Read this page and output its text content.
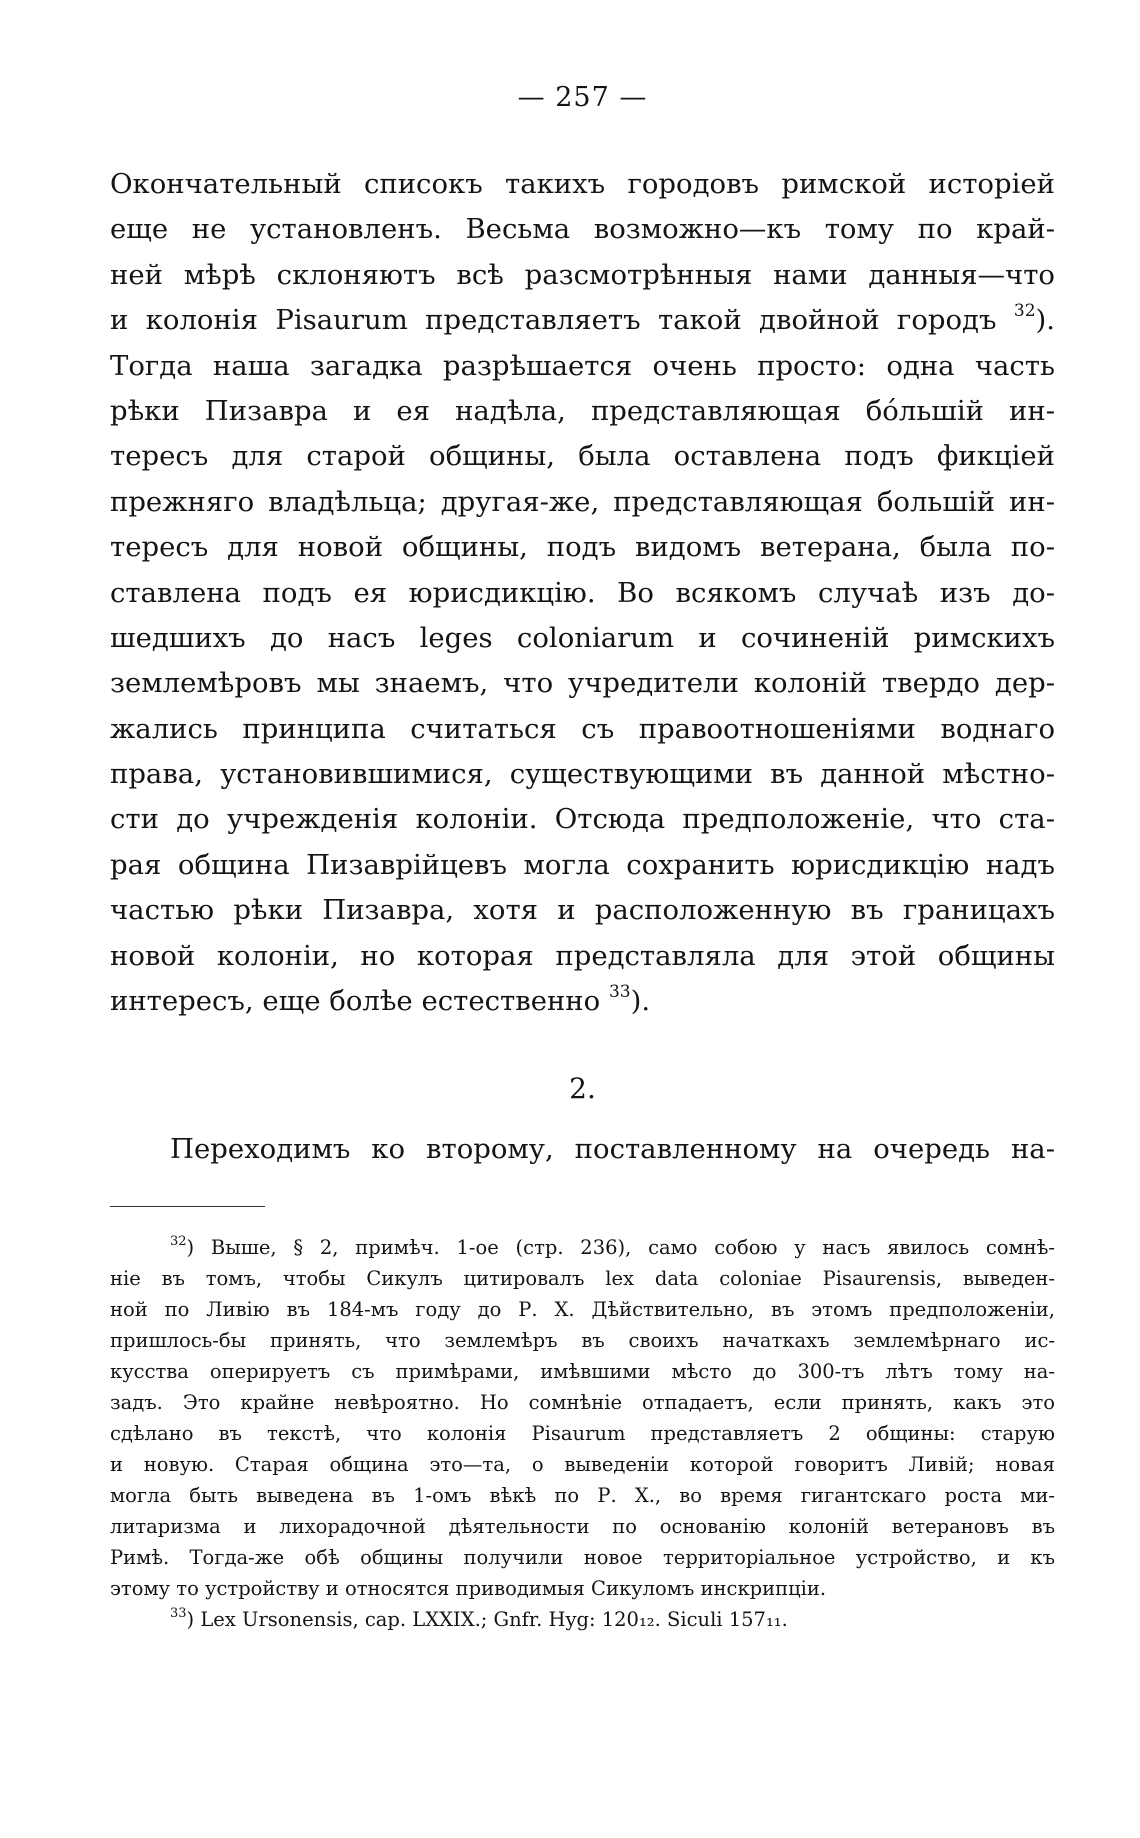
— 257 —
Окончательный списокъ такихъ городовъ римской исторіей
еще не установленъ. Весьма возможно—къ тому по край-
ней мѣрѣ склоняютъ всѣ разсмотрѣнныя нами данныя—что
и колонія Pisaurum представляетъ такой двойной городъ $^{32}$).
Тогда наша загадка разрѣшается очень просто: одна часть
рѣки Пизавра и ея надѣла, представляющая бо́льшій ин-
тересъ для старой общины, была оставлена подъ фикціей
прежняго владѣльца; другая-же, представляющая большій ин-
тересъ для новой общины, подъ видомъ ветерана, была по-
ставлена подъ ея юрисдикцію. Во всякомъ случаѣ изъ до-
шедшихъ до насъ leges coloniarum и сочиненій римскихъ
землемѣровъ мы знаемъ, что учредители колоній твердо дер-
жались принципа считаться съ правоотношеніями воднаго
права, установившимися, существующими въ данной мѣстно-
сти до учрежденія колоніи. Отсюда предположеніе, что ста-
рая община Пизаврійцевъ могла сохранить юрисдикцію надъ
частью рѣки Пизавра, хотя и расположенную въ границахъ
новой колоніи, но которая представляла для этой общины
интересъ, еще болѣе естественно $^{33}$).
2.
Переходимъ ко второму, поставленному на очередь на-
$^{32}$) Выше, § 2, примѣч. 1-ое (стр. 236), само собою у насъ явилось сомнѣ-
ніе въ томъ, чтобы Сикулъ цитировалъ lex data coloniae Pisaurensis, выведен-
ной по Ливію въ 184-мъ году до Р. Х. Дѣйствительно, въ этомъ предположеніи,
пришлось-бы принять, что землемѣръ въ своихъ начаткахъ землемѣрнаго ис-
кусства оперируетъ съ примѣрами, имѣвшими мѣсто до 300-тъ лѣтъ тому на-
задъ. Это крайне невѣроятно. Но сомнѣніе отпадаетъ, если принять, какъ это
сдѣлано въ текстѣ, что колонія Pisaurum представляетъ 2 общины: старую
и новую. Старая община это—та, о выведеніи которой говоритъ Ливій; новая
могла быть выведена въ 1-омъ вѣкѣ по Р. Х., во время гигантскаго роста ми-
литаризма и лихорадочной дѣятельности по основанію колоній ветерановъ въ
Римѣ. Тогда-же обѣ общины получили новое территоріальное устройство, и къ
этому то устройству и относятся приводимыя Сикуломъ инскрипціи.
$^{33}$) Lex Ursonensis, cap. LXXIX.; Gnfr. Hyg: 120₁₂. Siculi 157₁₁.
